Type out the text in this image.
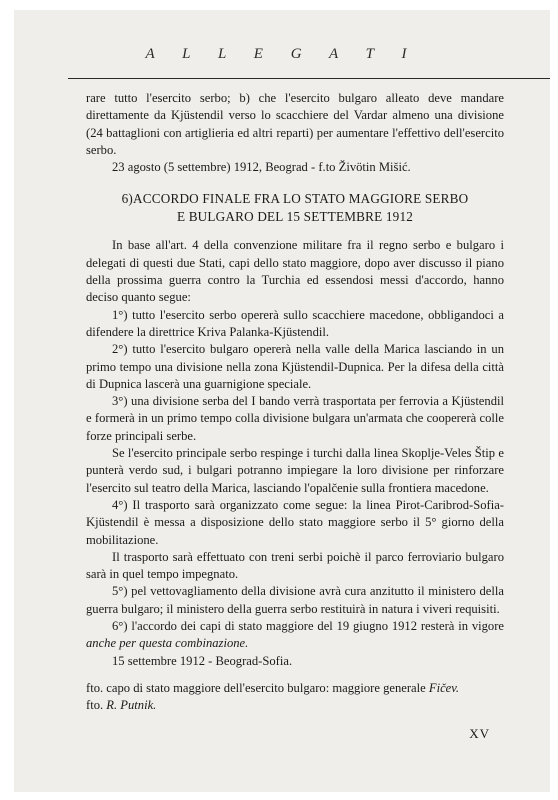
A L L E G A T I

rare tutto l'esercito serbo; b) che l'esercito bulgaro alleato deve mandare direttamente da Kjüstendil verso lo scacchiere del Vardar almeno una divisione (24 battaglioni con artiglieria ed altri reparti) per aumentare l'effettivo dell'esercito serbo.

23 agosto (5 settembre) 1912, Beograd - f.to Živötin Mišić.

6)ACCORDO FINALE FRA LO STATO MAGGIORE SERBO
E BULGARO DEL 15 SETTEMBRE 1912

In base all'art. 4 della convenzione militare fra il regno serbo e bulgaro i delegati di questi due Stati, capi dello stato maggiore, dopo aver discusso il piano della prossima guerra contro la Turchia ed essendosi messi d'accordo, hanno deciso quanto segue:

1°) tutto l'esercito serbo opererà sullo scacchiere macedone, obbligandoci a difendere la direttrice Kriva Palanka-Kjüstendil.

2°) tutto l'esercito bulgaro opererà nella valle della Marica lasciando in un primo tempo una divisione nella zona Kjüstendil-Dupnica. Per la difesa della città di Dupnica lascerà una guarnigione speciale.

3°) una divisione serba del I bando verrà trasportata per ferrovia a Kjüstendil e formerà in un primo tempo colla divisione bulgara un'armata che coopererà colle forze principali serbe.

Se l'esercito principale serbo respinge i turchi dalla linea Skoplje-Veles Štip e punterà verdo sud, i bulgari potranno impiegare la loro divisione per rinforzare l'esercito sul teatro della Marica, lasciando l'opalčenie sulla frontiera macedone.

4°) Il trasporto sarà organizzato come segue: la linea Pirot-Caribrod-Sofia-Kjüstendil è messa a disposizione dello stato maggiore serbo il 5° giorno della mobilitazione.

Il trasporto sarà effettuato con treni serbi poichè il parco ferroviario bulgaro sarà in quel tempo impegnato.

5°) pel vettovagliamento della divisione avrà cura anzitutto il ministero della guerra bulgaro; il ministero della guerra serbo restituirà in natura i viveri requisiti.

6°) l'accordo dei capi di stato maggiore del 19 giugno 1912 resterà in vigore anche per questa combinazione.

15 settembre 1912 - Beograd-Sofia.

fto. capo di stato maggiore dell'esercito bulgaro: maggiore generale Fičev.

fto. R. Putnik.

XV
